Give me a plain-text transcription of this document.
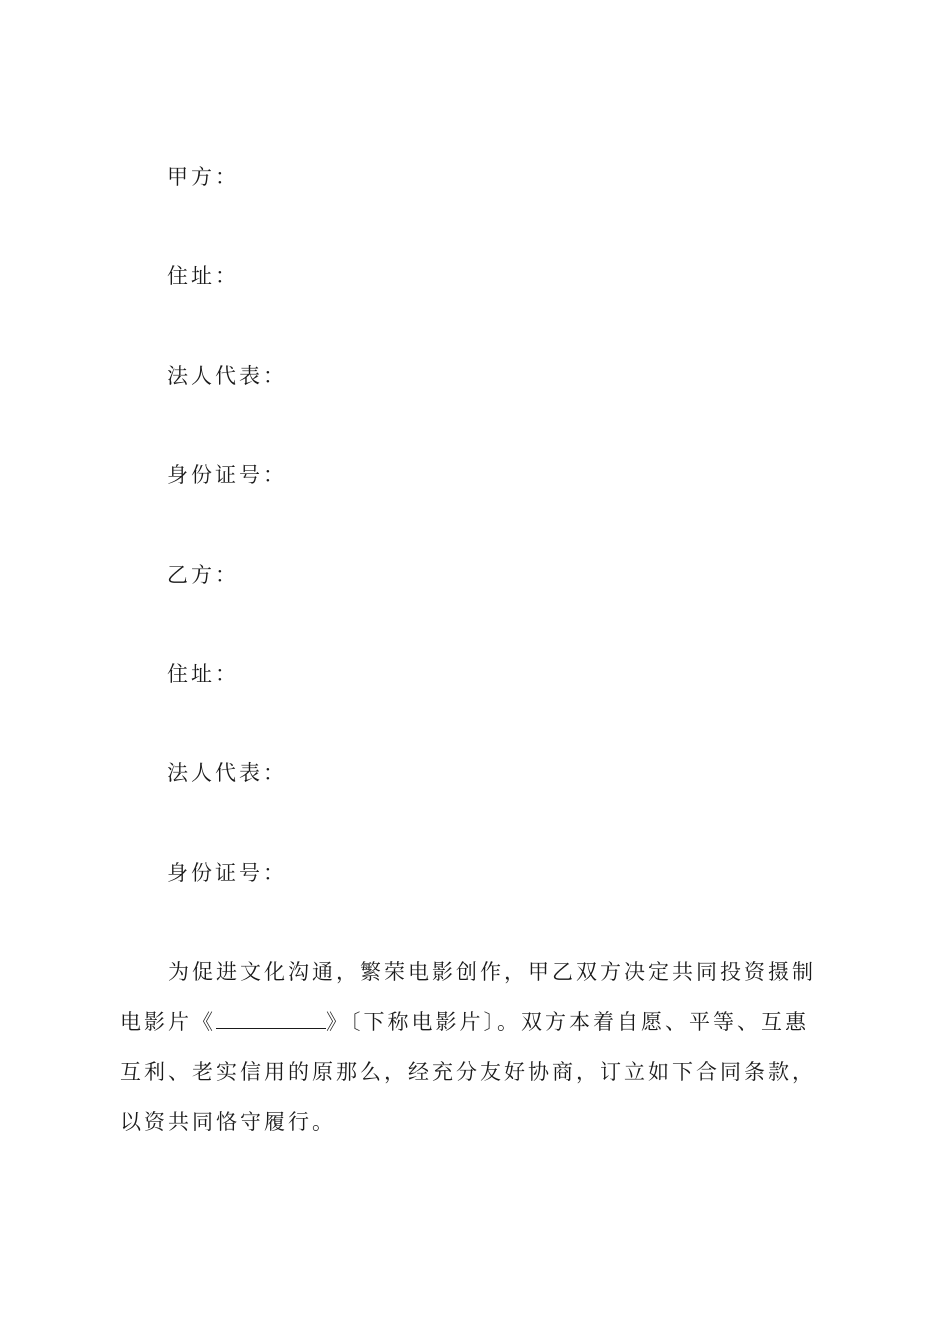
甲方：
住址：
法人代表：
身份证号：
乙方：
住址：
法人代表：
身份证号：
为促进文化沟通，繁荣电影创作，甲乙双方决定共同投资摄制
电影片《	》〔下称电影片〕。双方本着自愿、平等、互惠
互利、老实信用的原那么，经充分友好协商，订立如下合同条款，
以资共同恪守履行。
